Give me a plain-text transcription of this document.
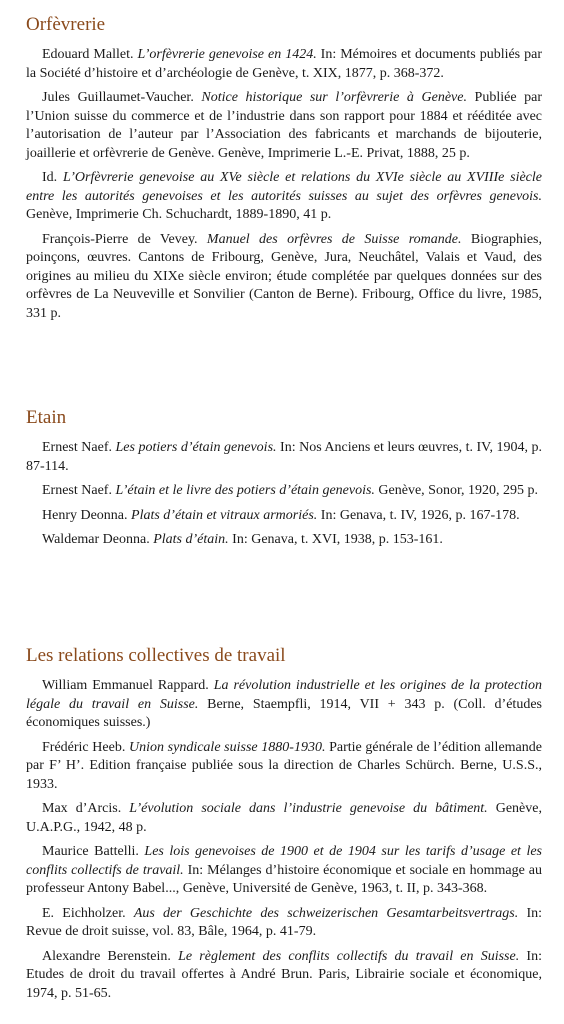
Orfèvrerie

Edouard Mallet. L’orfèvrerie genevoise en 1424. In: Mémoires et documents publiés par la Société d’histoire et d’archéologie de Genève, t. XIX, 1877, p. 368-372.

Jules Guillaumet-Vaucher. Notice historique sur l’orfèvrerie à Genève. Publiée par l’Union suisse du commerce et de l’industrie dans son rapport pour 1884 et rééditée avec l’autorisation de l’auteur par l’Association des fabricants et marchands de bijouterie, joaillerie et orfèvrerie de Genève. Genève, Imprimerie L.-E. Privat, 1888, 25 p.

Id. L’Orfèvrerie genevoise au XVe siècle et relations du XVIe siècle au XVIIIe siècle entre les autorités genevoises et les autorités suisses au sujet des orfèvres genevois. Genève, Imprimerie Ch. Schuchardt, 1889-1890, 41 p.

François-Pierre de Vevey. Manuel des orfèvres de Suisse romande. Biographies, poinçons, œuvres. Cantons de Fribourg, Genève, Jura, Neuchâtel, Valais et Vaud, des origines au milieu du XIXe siècle environ; étude complétée par quelques données sur des orfèvres de La Neuveville et Sonvilier (Canton de Berne). Fribourg, Office du livre, 1985, 331 p.

Etain

Ernest Naef. Les potiers d’étain genevois. In: Nos Anciens et leurs œuvres, t. IV, 1904, p. 87-114.

Ernest Naef. L’étain et le livre des potiers d’étain genevois. Genève, Sonor, 1920, 295 p.

Henry Deonna. Plats d’étain et vitraux armoriés. In: Genava, t. IV, 1926, p. 167-178.

Waldemar Deonna. Plats d’étain. In: Genava, t. XVI, 1938, p. 153-161.

Les relations collectives de travail

William Emmanuel Rappard. La révolution industrielle et les origines de la protection légale du travail en Suisse. Berne, Staempfli, 1914, VII + 343 p. (Coll. d’études économiques suisses.)

Frédéric Heeb. Union syndicale suisse 1880-1930. Partie générale de l’édition allemande par F’ H’. Edition française publiée sous la direction de Charles Schürch. Berne, U.S.S., 1933.

Max d’Arcis. L’évolution sociale dans l’industrie genevoise du bâtiment. Genève, U.A.P.G., 1942, 48 p.

Maurice Battelli. Les lois genevoises de 1900 et de 1904 sur les tarifs d’usage et les conflits collectifs de travail. In: Mélanges d’histoire économique et sociale en hommage au professeur Antony Babel..., Genève, Université de Genève, 1963, t. II, p. 343-368.

E. Eichholzer. Aus der Geschichte des schweizerischen Gesamtarbeitsvertrags. In: Revue de droit suisse, vol. 83, Bâle, 1964, p. 41-79.

Alexandre Berenstein. Le règlement des conflits collectifs du travail en Suisse. In: Etudes de droit du travail offertes à André Brun. Paris, Librairie sociale et économique, 1974, p. 51-65.
